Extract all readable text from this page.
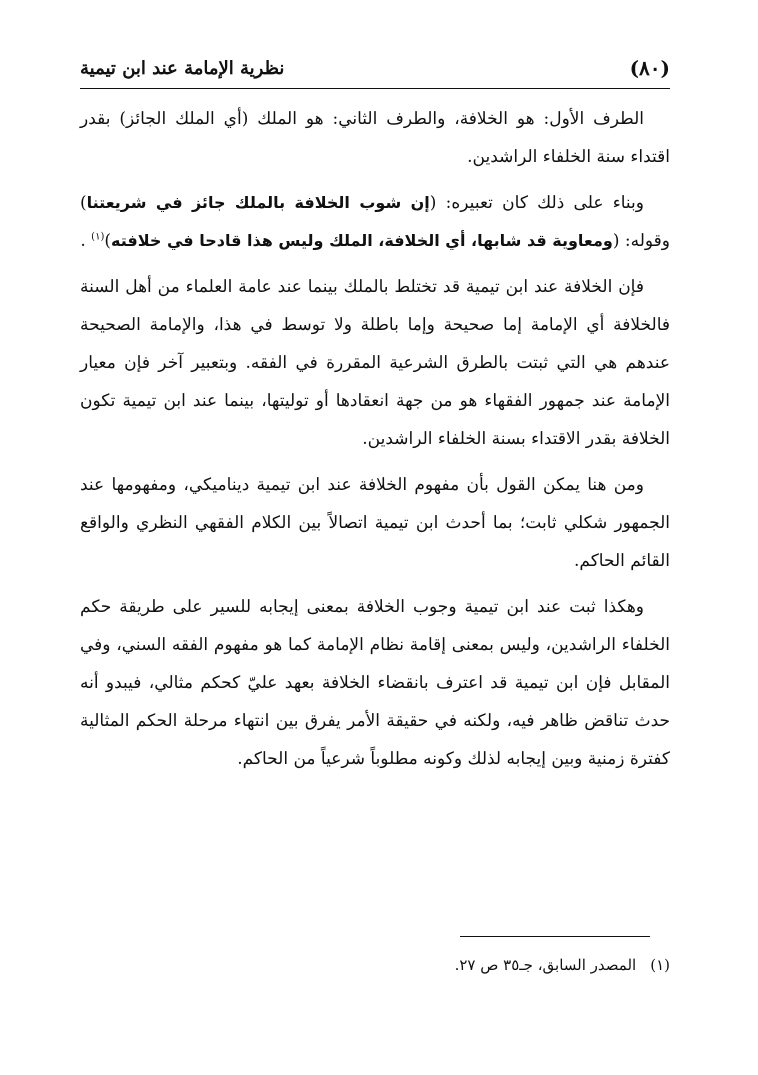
(٨٠)
نظرية الإمامة عند ابن تيمية

الطرف الأول: هو الخلافة، والطرف الثاني: هو الملك (أي الملك الجائز) بقدر اقتداء سنة الخلفاء الراشدين.

وبناء على ذلك كان تعبيره: (إن شوب الخلافة بالملك جائز في شريعتنا) وقوله: (ومعاوية قد شابها، أي الخلافة، الملك وليس هذا قادحا في خلافته)$^{(١)}$ .

فإن الخلافة عند ابن تيمية قد تختلط بالملك بينما عند عامة العلماء من أهل السنة فالخلافة أي الإمامة إما صحيحة وإما باطلة ولا توسط في هذا، والإمامة الصحيحة عندهم هي التي ثبتت بالطرق الشرعية المقررة في الفقه. وبتعبير آخر فإن معيار الإمامة عند جمهور الفقهاء هو من جهة انعقادها أو توليتها، بينما عند ابن تيمية تكون الخلافة بقدر الاقتداء بسنة الخلفاء الراشدين.

ومن هنا يمكن القول بأن مفهوم الخلافة عند ابن تيمية ديناميكي، ومفهومها عند الجمهور شكلي ثابت؛ بما أحدث ابن تيمية اتصالاً بين الكلام الفقهي النظري والواقع القائم الحاكم.

وهكذا ثبت عند ابن تيمية وجوب الخلافة بمعنى إيجابه للسير على طريقة حكم الخلفاء الراشدين، وليس بمعنى إقامة نظام الإمامة كما هو مفهوم الفقه السني، وفي المقابل فإن ابن تيمية قد اعترف بانقضاء الخلافة بعهد عليّ كحكم مثالي، فيبدو أنه حدث تناقض ظاهر فيه، ولكنه في حقيقة الأمر يفرق بين انتهاء مرحلة الحكم المثالية كفترة زمنية وبين إيجابه لذلك وكونه مطلوباً شرعياً من الحاكم.

(١)المصدر السابق، جـ٣٥ ص ٢٧.
